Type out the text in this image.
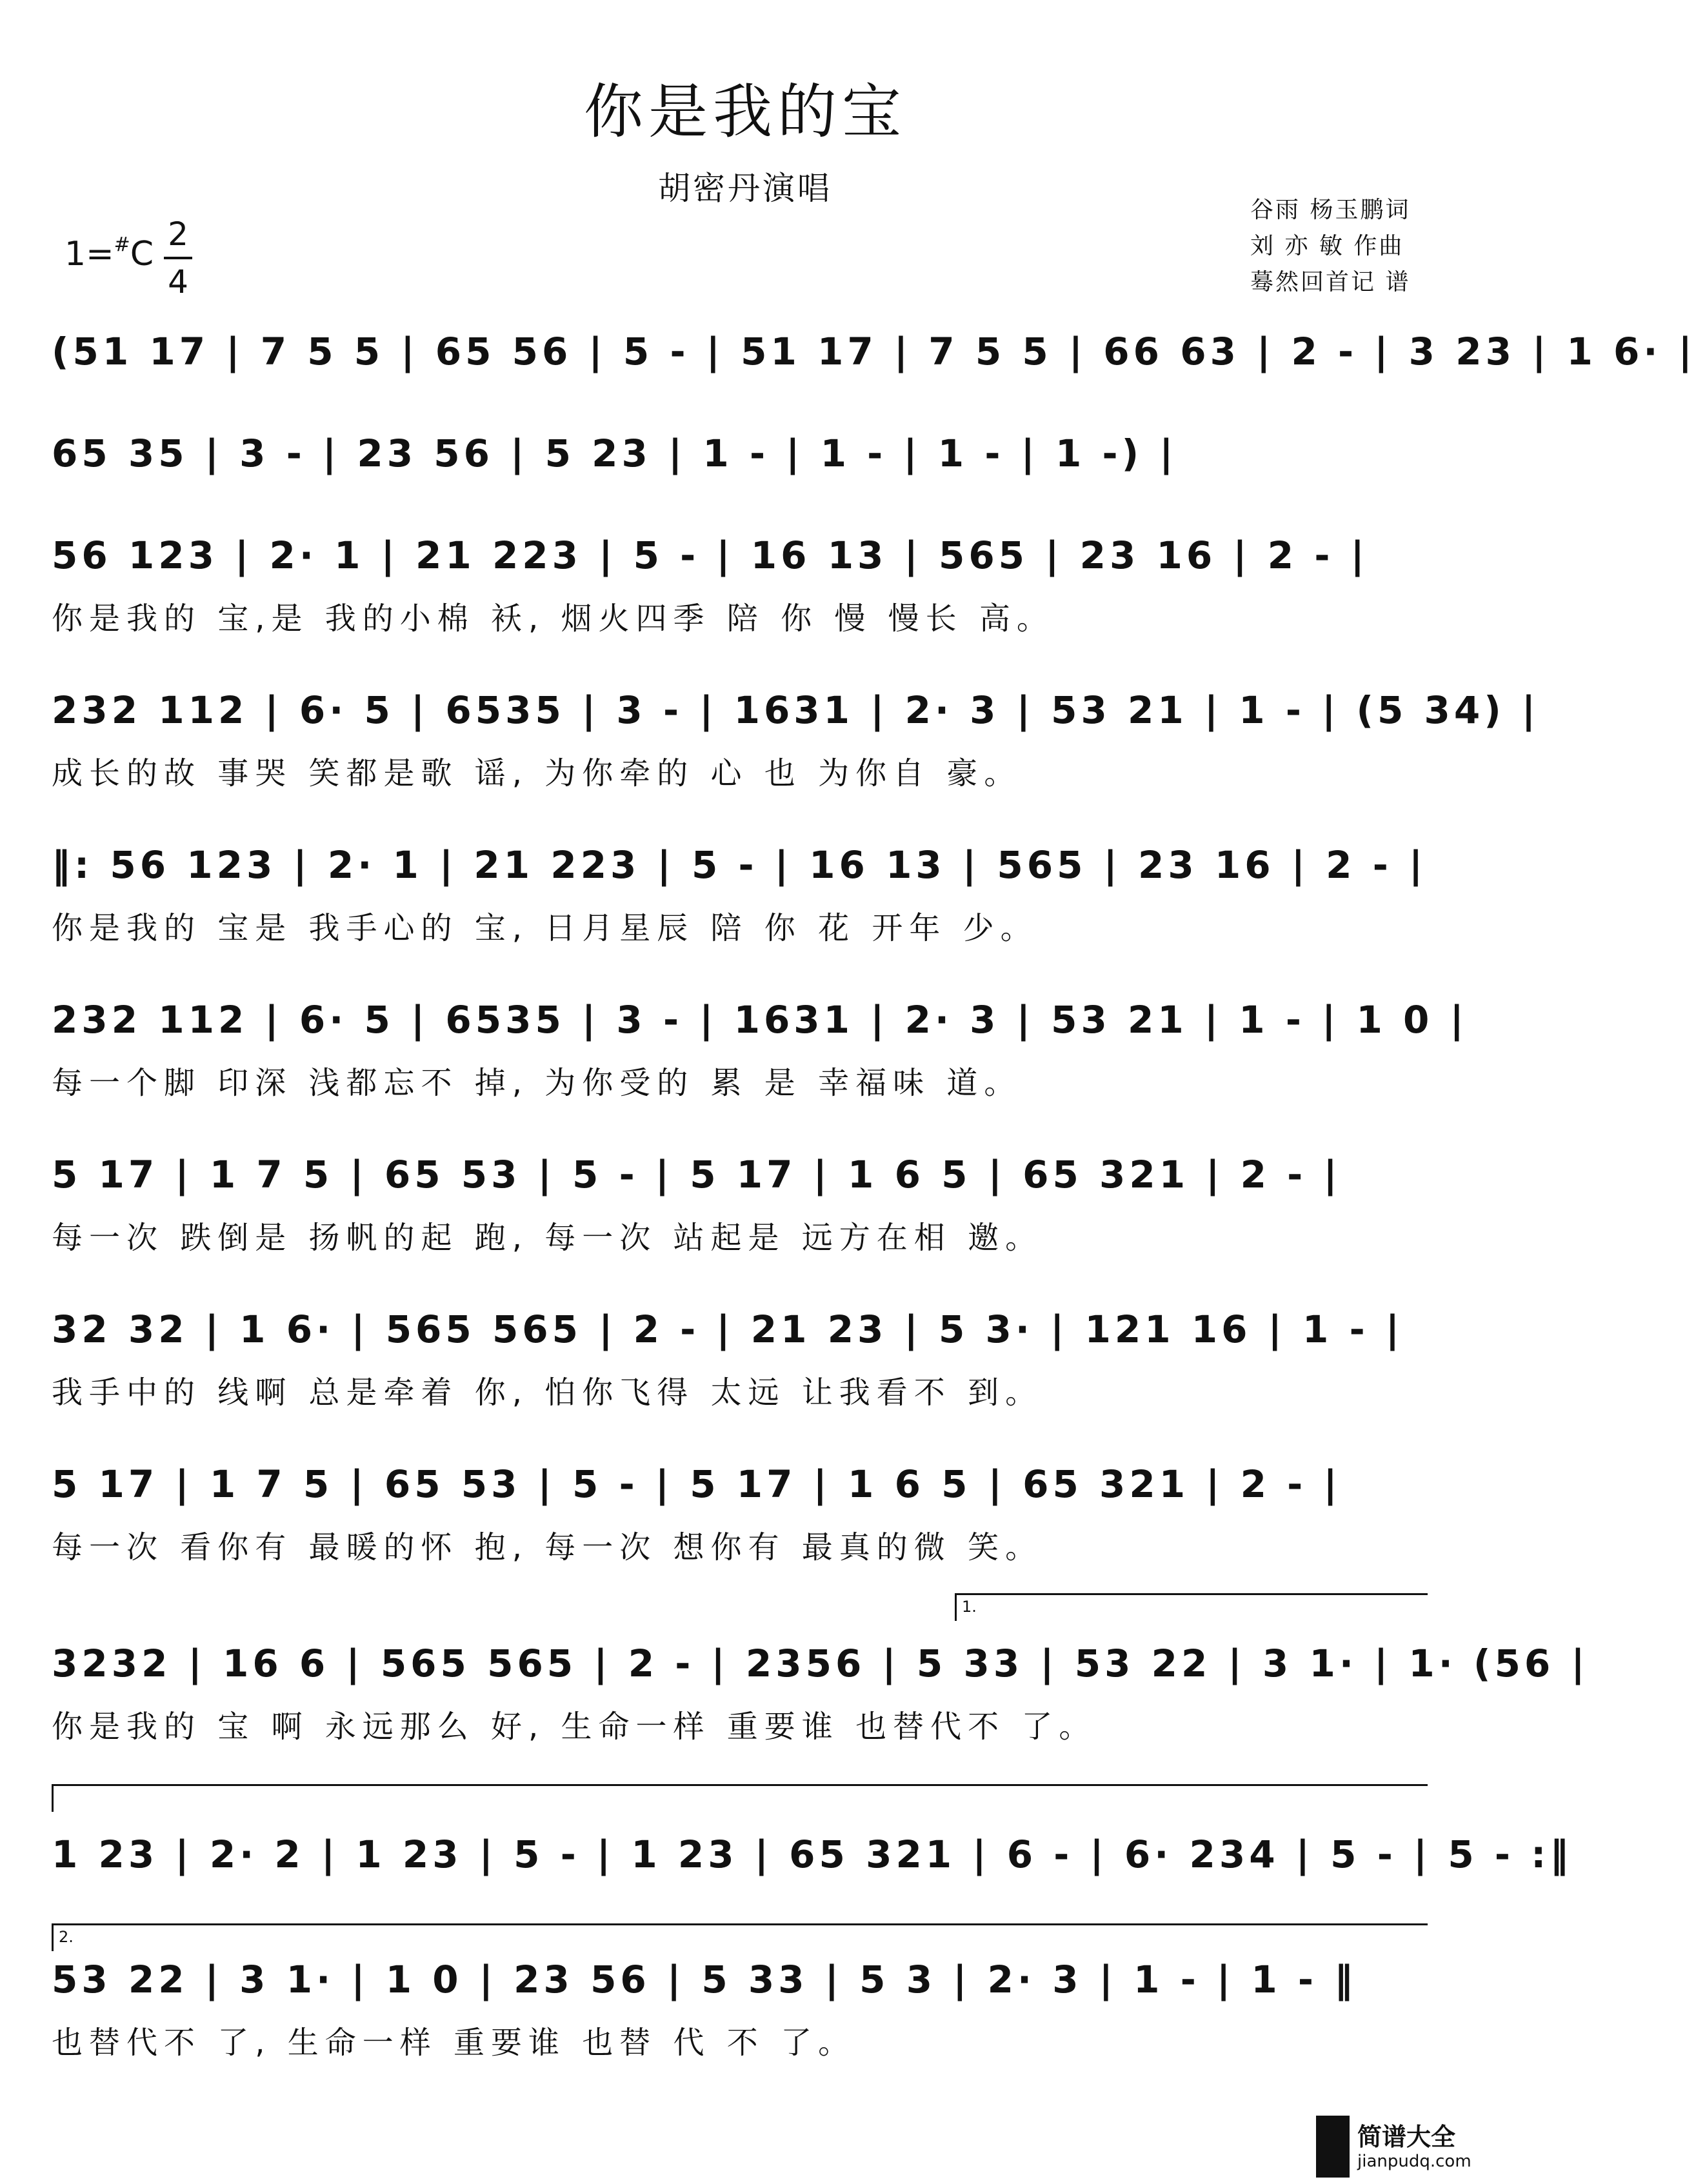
你是我的宝
胡密丹演唱
谷雨 杨玉鹏词
刘 亦 敏 作曲
蓦然回首记 谱
1=#C
2
4
(51 17 | 7 5 5 | 65 56 | 5 - | 51 17 | 7 5 5 | 66 63 | 2 - | 3 23 | 1 6· |
65 35 | 3 - | 23 56 | 5 23 | 1 - | 1 - | 1 - | 1 -) |
56 123 | 2· 1 | 21 223 | 5 - | 16 13 | 565 | 23 16 | 2 - |
你是我的 宝,是 我的小棉 袄, 烟火四季 陪 你 慢 慢长 高。
232 112 | 6· 5 | 6535 | 3 - | 1631 | 2· 3 | 53 21 | 1 - | (5 34) |
成长的故 事哭 笑都是歌 谣, 为你牵的 心 也 为你自 豪。
‖: 56 123 | 2· 1 | 21 223 | 5 - | 16 13 | 565 | 23 16 | 2 - |
你是我的 宝是 我手心的 宝, 日月星辰 陪 你 花 开年 少。
232 112 | 6· 5 | 6535 | 3 - | 1631 | 2· 3 | 53 21 | 1 - | 1 0 |
每一个脚 印深 浅都忘不 掉, 为你受的 累 是 幸福味 道。
5 17 | 1 7 5 | 65 53 | 5 - | 5 17 | 1 6 5 | 65 321 | 2 - |
每一次 跌倒是 扬帆的起 跑, 每一次 站起是 远方在相 邀。
32 32 | 1 6· | 565 565 | 2 - | 21 23 | 5 3· | 121 16 | 1 - |
我手中的 线啊 总是牵着 你, 怕你飞得 太远 让我看不 到。
5 17 | 1 7 5 | 65 53 | 5 - | 5 17 | 1 6 5 | 65 321 | 2 - |
每一次 看你有 最暖的怀 抱, 每一次 想你有 最真的微 笑。
1.
3232 | 16 6 | 565 565 | 2 - | 2356 | 5 33 | 53 22 | 3 1· | 1· (56 |
你是我的 宝 啊 永远那么 好, 生命一样 重要谁 也替代不 了。
1 23 | 2· 2 | 1 23 | 5 - | 1 23 | 65 321 | 6 - | 6· 234 | 5 - | 5 - :‖
2.
53 22 | 3 1· | 1 0 | 23 56 | 5 33 | 5 3 | 2· 3 | 1 - | 1 - ‖
也替代不 了, 生命一样 重要谁 也替 代 不 了。
简谱大全
jianpudq.com
